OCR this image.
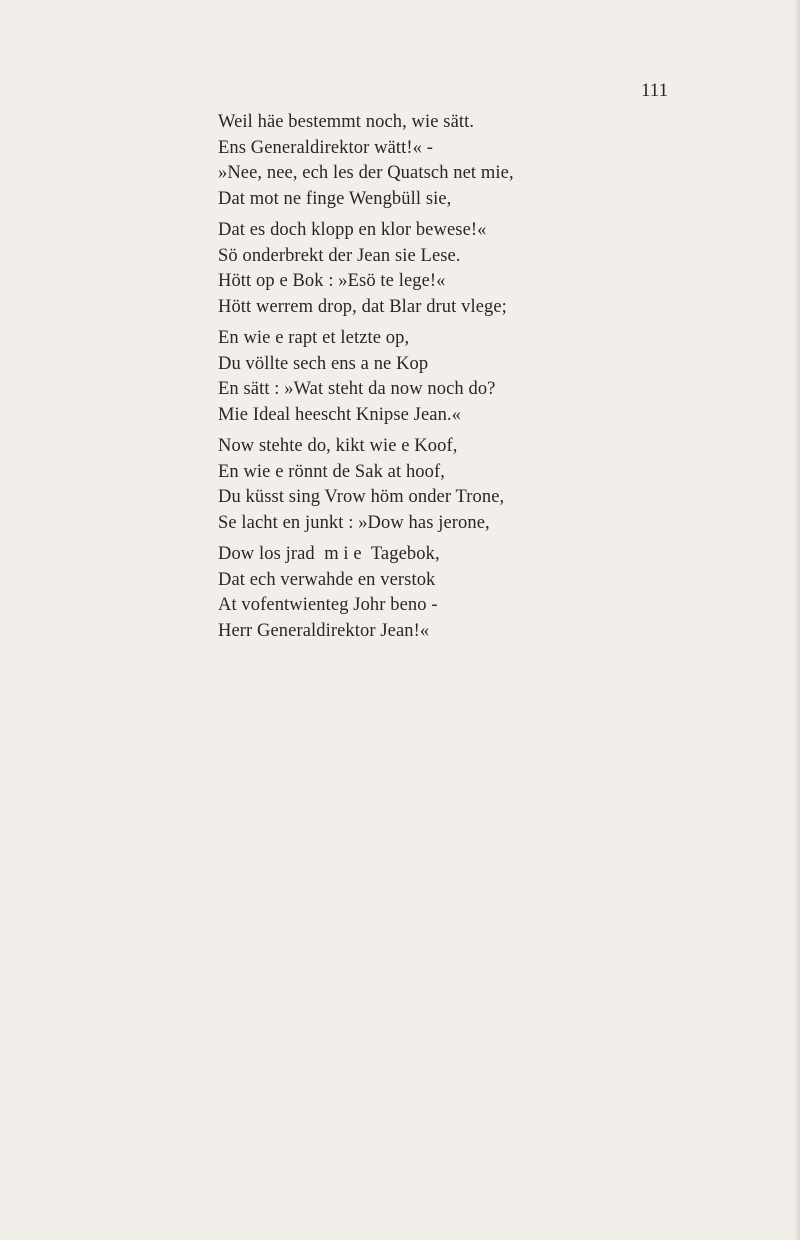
111
Weil häe bestemmt noch, wie sätt.
Ens Generaldirektor wätt!« -
»Nee, nee, ech les der Quatsch net mie,
Dat mot ne finge Wengbüll sie,
Dat es doch klopp en klor bewese!«
Sö onderbrekt der Jean sie Lese.
Hött op e Bok : »Esö te lege!«
Hött werrem drop, dat Blar drut vlege;
En wie e rapt et letzte op,
Du völlte sech ens a ne Kop
En sätt : »Wat steht da now noch do?
Mie Ideal heescht Knipse Jean.«
Now stehte do, kikt wie e Koof,
En wie e rönnt de Sak at hoof,
Du küsst sing Vrow höm onder Trone,
Se lacht en junkt : »Dow has jerone,
Dow los jrad  m i e  Tagebok,
Dat ech verwahde en verstok
At vofentwienteg Johr beno -
Herr Generaldirektor Jean!«
